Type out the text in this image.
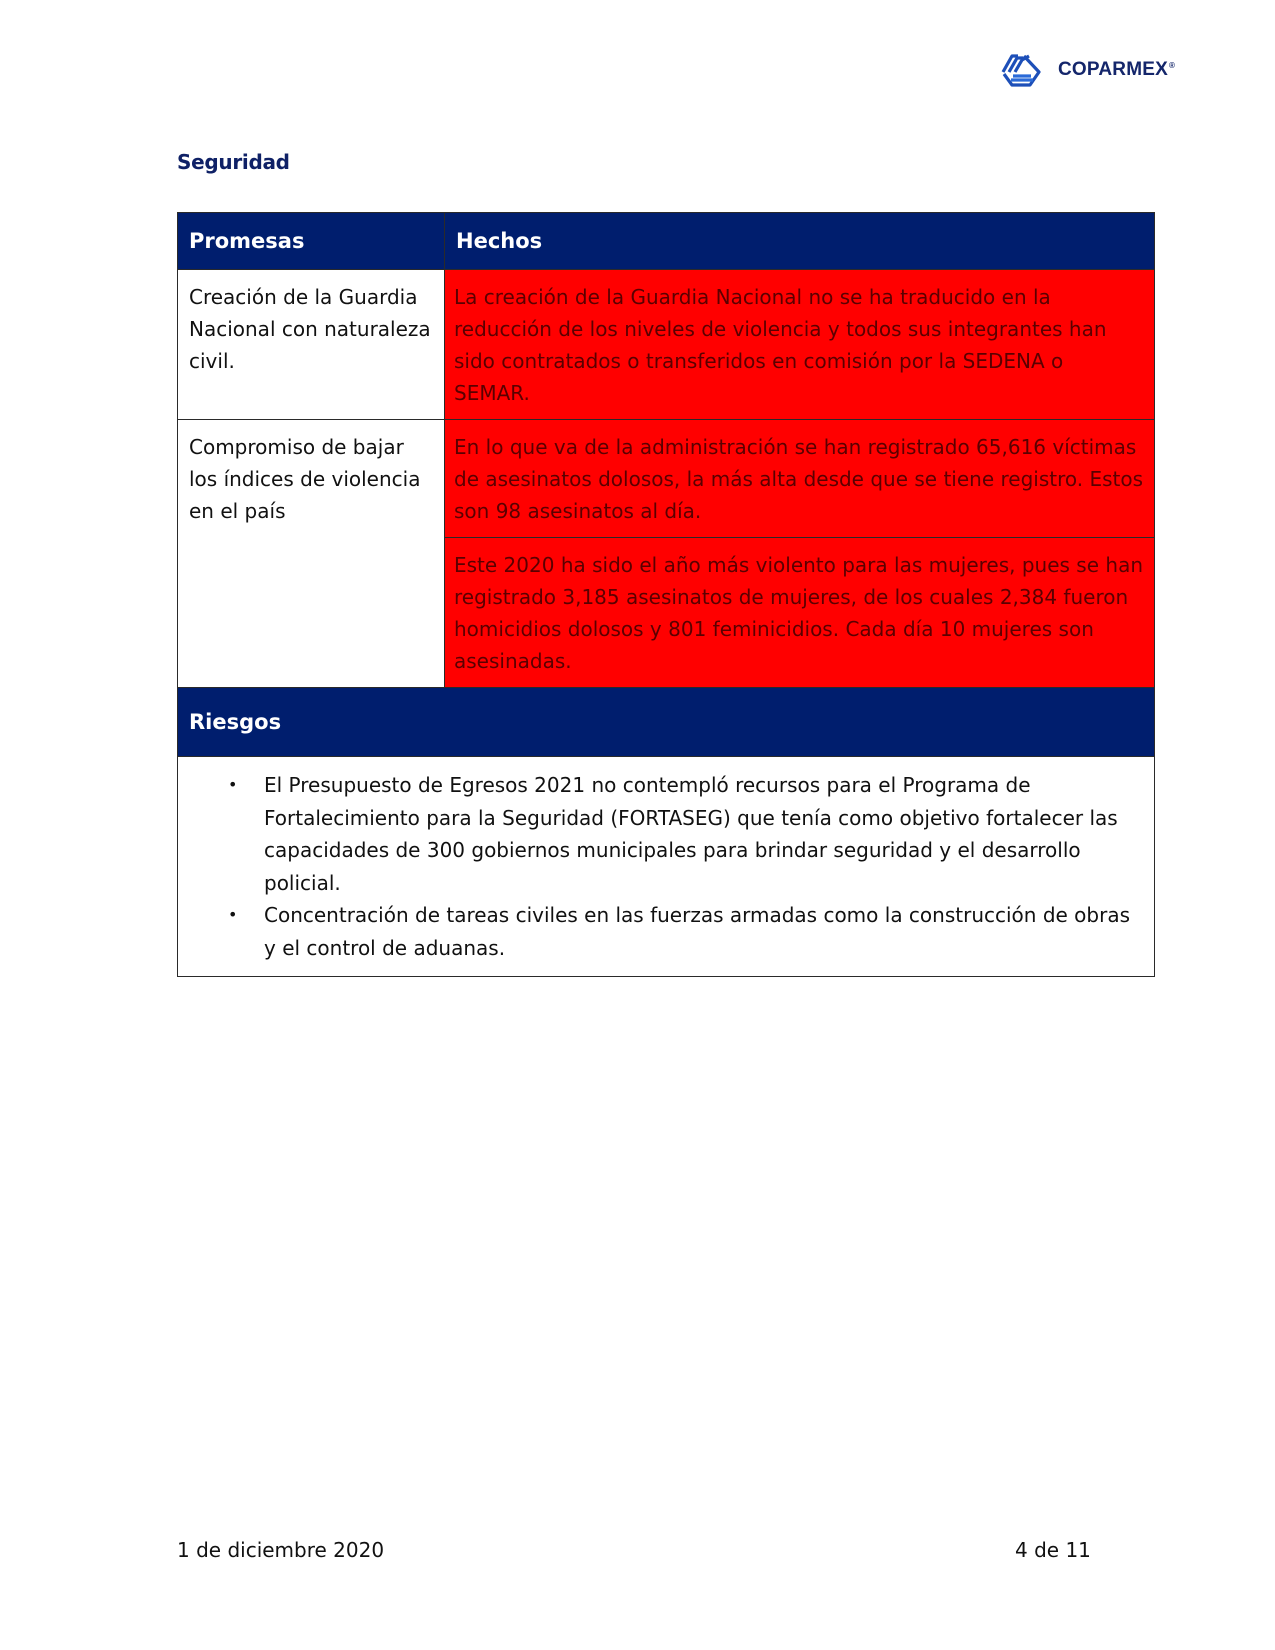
COPARMEX®
Seguridad
Promesas	Hechos
Creación de la Guardia Nacional con naturaleza civil.	La creación de la Guardia Nacional no se ha traducido en la reducción de los niveles de violencia y todos sus integrantes han sido contratados o transferidos en comisión por la SEDENA o SEMAR.
Compromiso de bajar los índices de violencia en el país	En lo que va de la administración se han registrado 65,616 víctimas de asesinatos dolosos, la más alta desde que se tiene registro. Estos son 98 asesinatos al día.
	Este 2020 ha sido el año más violento para las mujeres, pues se han registrado 3,185 asesinatos de mujeres, de los cuales 2,384 fueron homicidios dolosos y 801 feminicidios. Cada día 10 mujeres son asesinadas.
Riesgos	

• El Presupuesto de Egresos 2021 no contempló recursos para el Programa de Fortalecimiento para la Seguridad (FORTASEG) que tenía como objetivo fortalecer las capacidades de 300 gobiernos municipales para brindar seguridad y el desarrollo policial.
• Concentración de tareas civiles en las fuerzas armadas como la construcción de obras y el control de aduanas.
1 de diciembre 2020	4 de 11
